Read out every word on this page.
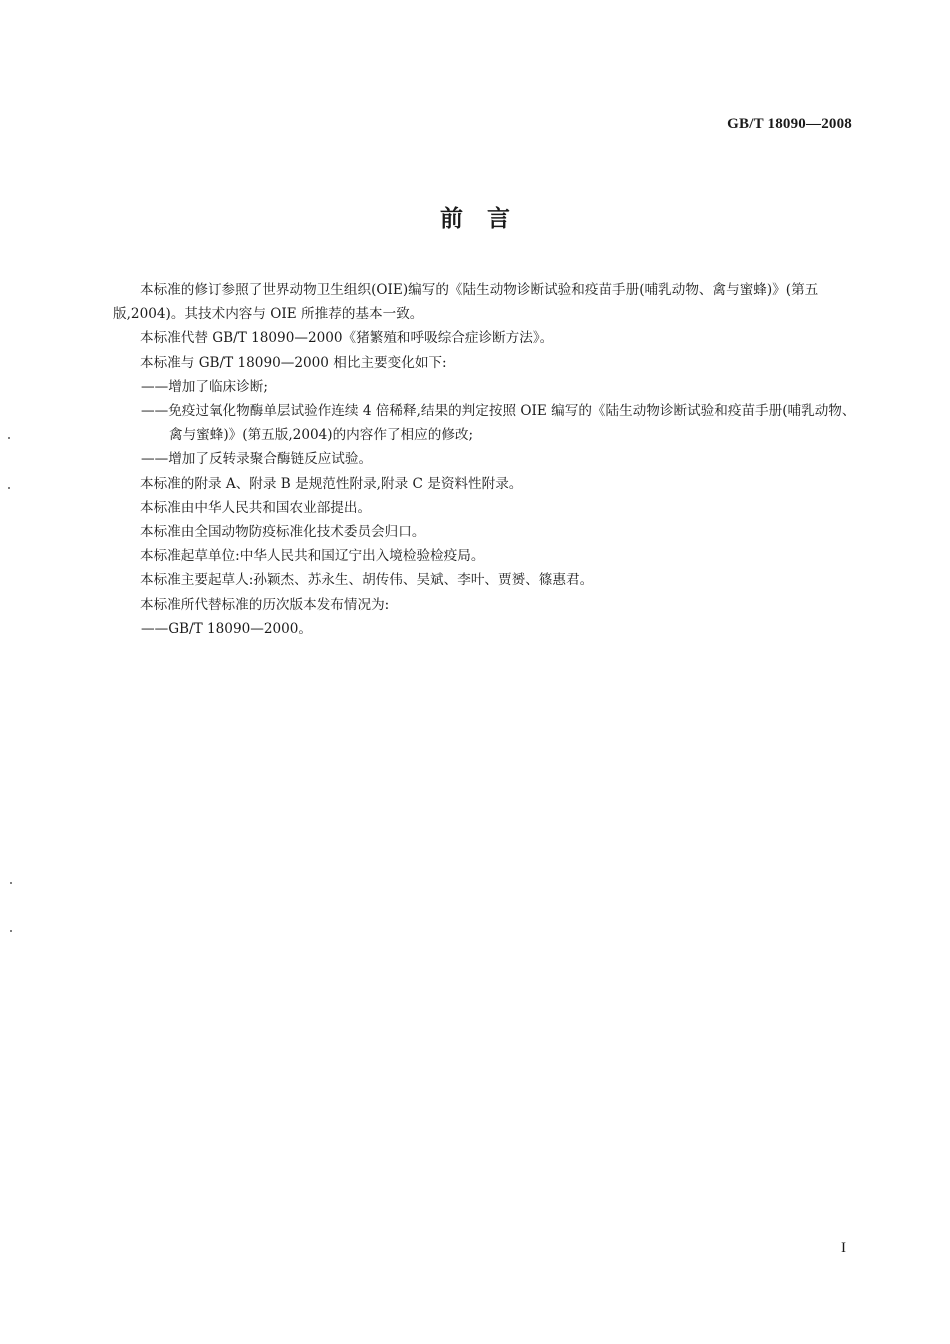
GB/T 18090—2008
前言

本标准的修订参照了世界动物卫生组织(OIE)编写的《陆生动物诊断试验和疫苗手册(哺乳动物、禽与蜜蜂)》(第五版,2004)。其技术内容与 OIE 所推荐的基本一致。

本标准代替 GB/T 18090—2000《猪繁殖和呼吸综合症诊断方法》。

本标准与 GB/T 18090—2000 相比主要变化如下:

——增加了临床诊断;

——免疫过氧化物酶单层试验作连续 4 倍稀释,结果的判定按照 OIE 编写的《陆生动物诊断试验和疫苗手册(哺乳动物、禽与蜜蜂)》(第五版,2004)的内容作了相应的修改;

——增加了反转录聚合酶链反应试验。

本标准的附录 A、附录 B 是规范性附录,附录 C 是资料性附录。

本标准由中华人民共和国农业部提出。

本标准由全国动物防疫标准化技术委员会归口。

本标准起草单位:中华人民共和国辽宁出入境检验检疫局。

本标准主要起草人:孙颖杰、苏永生、胡传伟、吴斌、李叶、贾赟、篠惠君。

本标准所代替标准的历次版本发布情况为:

——GB/T 18090—2000。

I
